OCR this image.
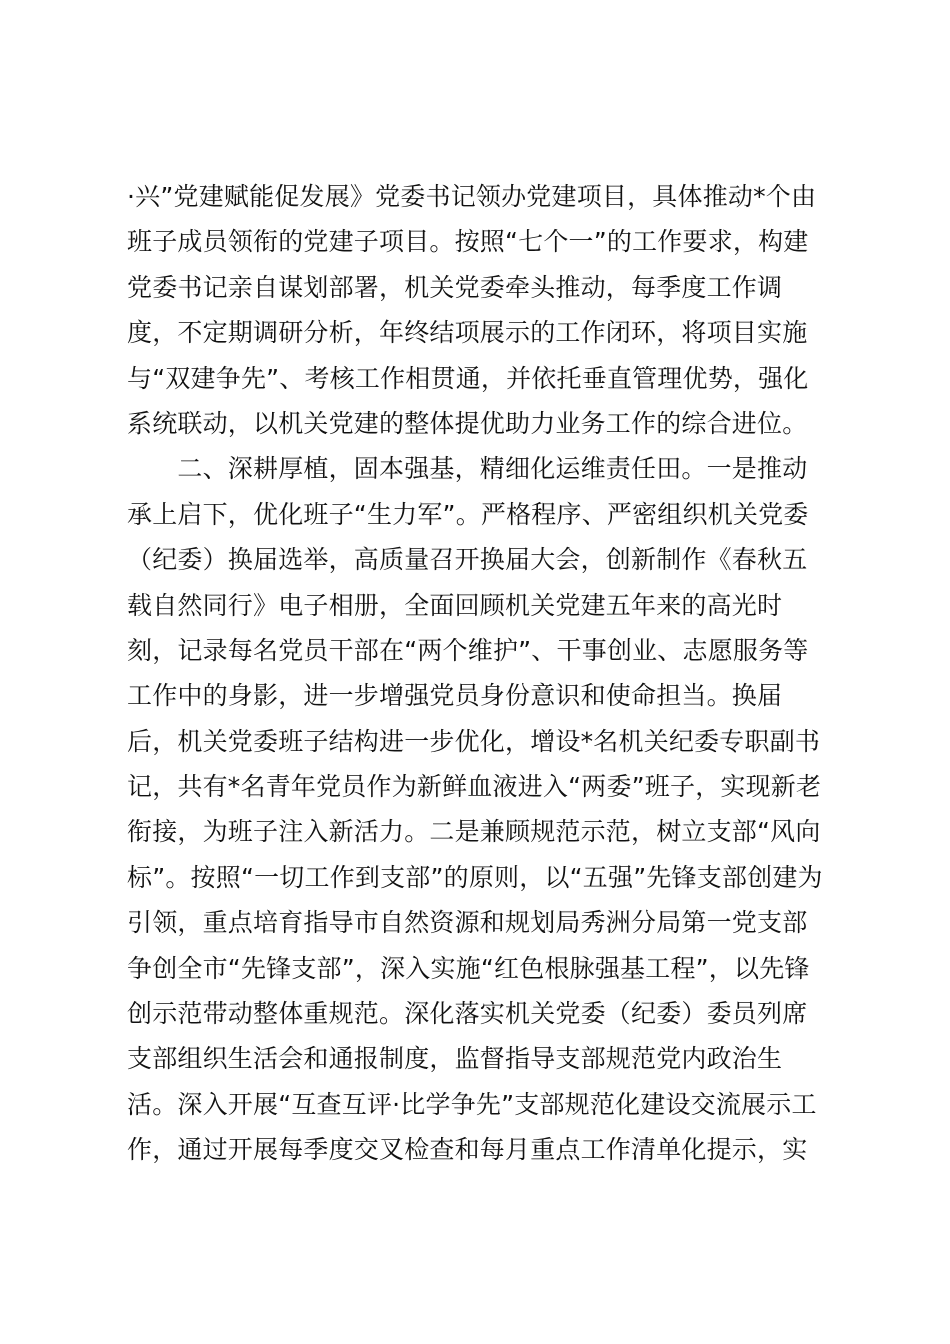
·兴”党建赋能促发展》党委书记领办党建项目，具体推动*个由
班子成员领衔的党建子项目。按照“七个一”的工作要求，构建
党委书记亲自谋划部署，机关党委牵头推动，每季度工作调
度，不定期调研分析，年终结项展示的工作闭环，将项目实施
与“双建争先”、考核工作相贯通，并依托垂直管理优势，强化
系统联动，以机关党建的整体提优助力业务工作的综合进位。
　　二、深耕厚植，固本强基，精细化运维责任田。一是推动
承上启下，优化班子“生力军”。严格程序、严密组织机关党委
（纪委）换届选举，高质量召开换届大会，创新制作《春秋五
载自然同行》电子相册，全面回顾机关党建五年来的高光时
刻，记录每名党员干部在“两个维护”、干事创业、志愿服务等
工作中的身影，进一步增强党员身份意识和使命担当。换届
后，机关党委班子结构进一步优化，增设*名机关纪委专职副书
记，共有*名青年党员作为新鲜血液进入“两委”班子，实现新老
衔接，为班子注入新活力。二是兼顾规范示范，树立支部“风向
标”。按照“一切工作到支部”的原则，以“五强”先锋支部创建为
引领，重点培育指导市自然资源和规划局秀洲分局第一党支部
争创全市“先锋支部”，深入实施“红色根脉强基工程”，以先锋
创示范带动整体重规范。深化落实机关党委（纪委）委员列席
支部组织生活会和通报制度，监督指导支部规范党内政治生
活。深入开展“互查互评·比学争先”支部规范化建设交流展示工
作，通过开展每季度交叉检查和每月重点工作清单化提示，实
